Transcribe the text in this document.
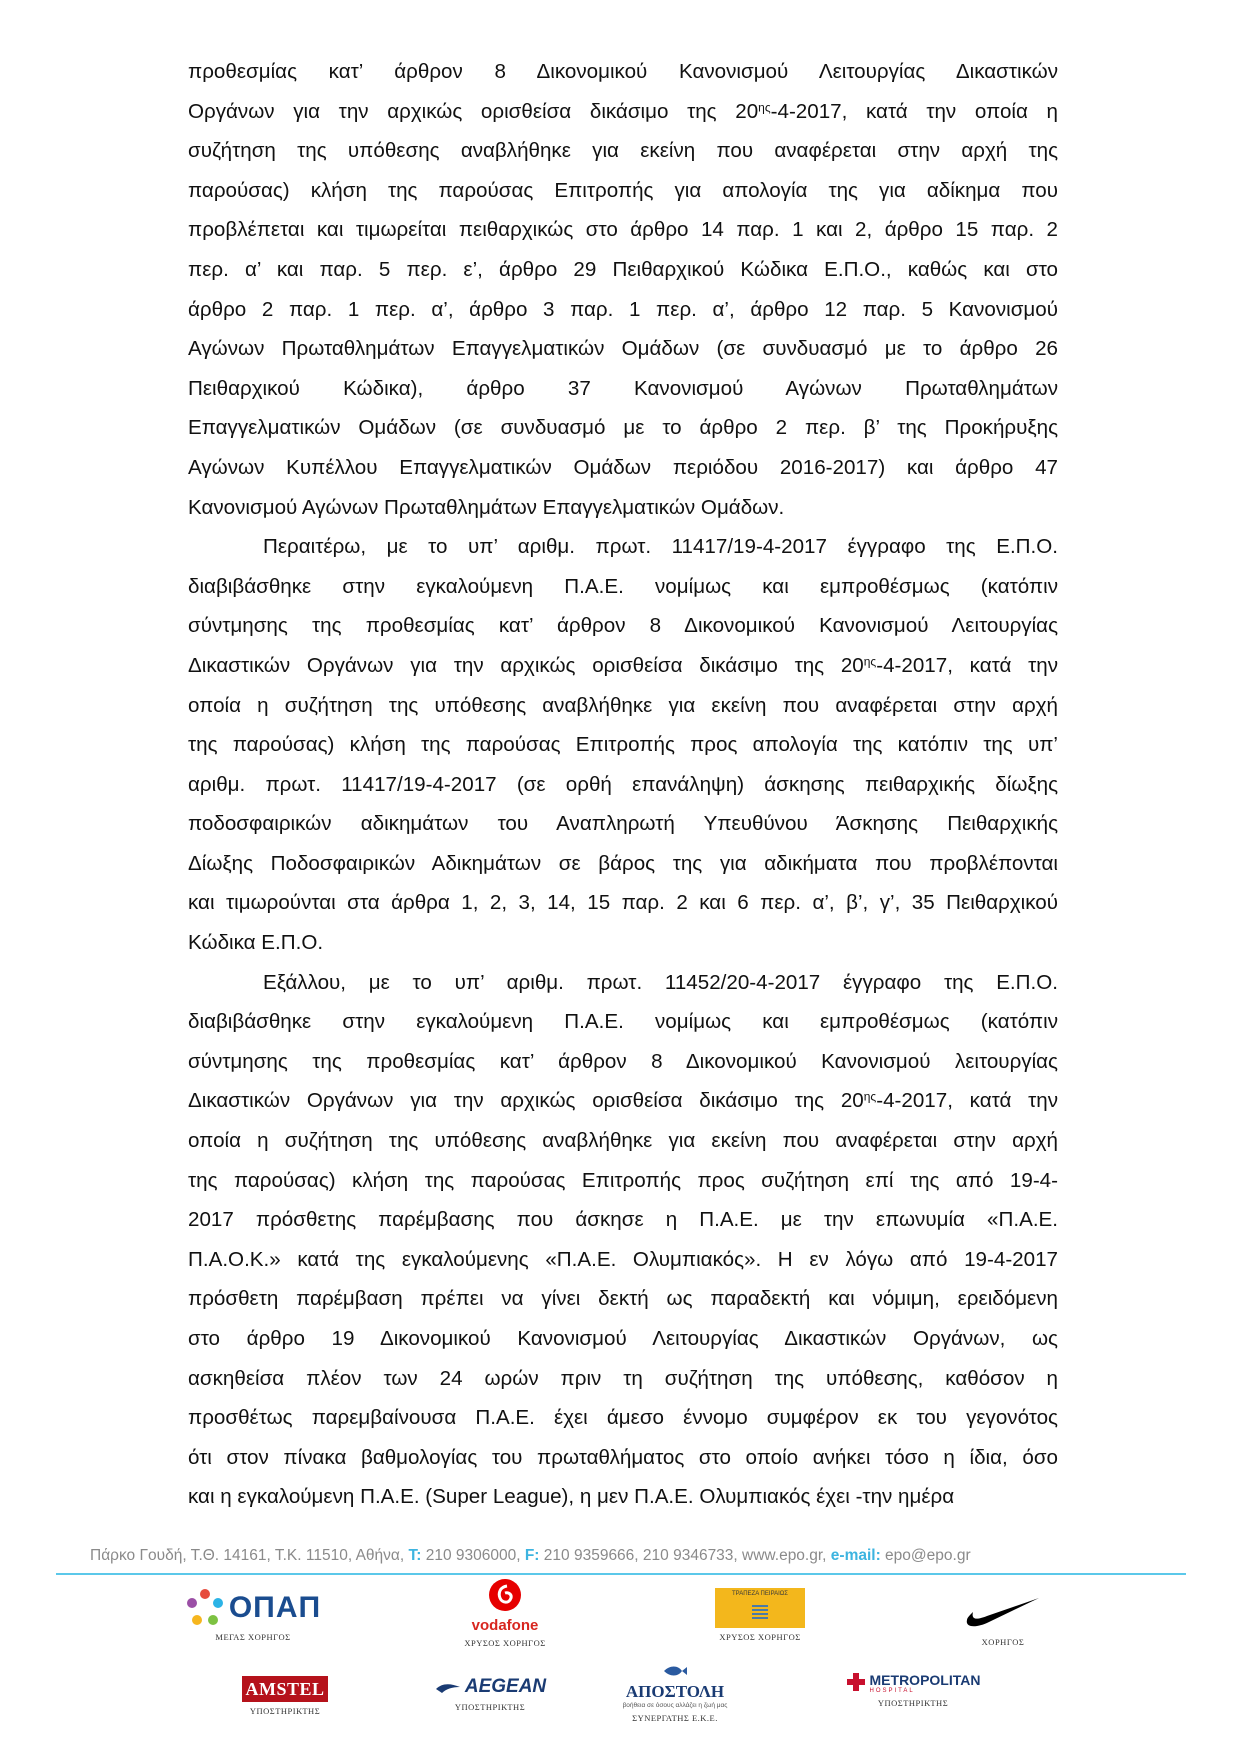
προθεσμίας κατ’ άρθρον 8 Δικονομικού Κανονισμού Λειτουργίας Δικαστικών

Οργάνων για την αρχικώς ορισθείσα δικάσιμο της $20^{\eta\varsigma}-4-2017$, κατά την οποία η

συζήτηση της υπόθεσης αναβλήθηκε για εκείνη που αναφέρεται στην αρχή της

παρούσας) κλήση της παρούσας Επιτροπής για απολογία της για αδίκημα που

προβλέπεται και τιμωρείται πειθαρχικώς στο άρθρο 14 παρ. 1 και 2, άρθρο 15 παρ. 2

περ. α’ και παρ. 5 περ. ε’, άρθρο 29 Πειθαρχικού Κώδικα Ε.Π.Ο., καθώς και στο

άρθρο 2 παρ. 1 περ. α’, άρθρο 3 παρ. 1 περ. α’, άρθρο 12 παρ. 5 Κανονισμού

Αγώνων Πρωταθλημάτων Επαγγελματικών Ομάδων (σε συνδυασμό με το άρθρο 26

Πειθαρχικού Κώδικα), άρθρο 37 Κανονισμού Αγώνων Πρωταθλημάτων

Επαγγελματικών Ομάδων (σε συνδυασμό με το άρθρο 2 περ. β’ της Προκήρυξης

Αγώνων Κυπέλλου Επαγγελματικών Ομάδων περιόδου 2016-2017) και άρθρο 47

Κανονισμού Αγώνων Πρωταθλημάτων Επαγγελματικών Ομάδων.

Περαιτέρω, με το υπ’ αριθμ. πρωτ. 11417/19-4-2017 έγγραφο της Ε.Π.Ο.

διαβιβάσθηκε στην εγκαλούμενη Π.Α.Ε. νομίμως και εμπροθέσμως (κατόπιν

σύντμησης της προθεσμίας κατ’ άρθρον 8 Δικονομικού Κανονισμού Λειτουργίας

Δικαστικών Οργάνων για την αρχικώς ορισθείσα δικάσιμο της $20^{\eta\varsigma}-4-2017$, κατά την

οποία η συζήτηση της υπόθεσης αναβλήθηκε για εκείνη που αναφέρεται στην αρχή

της παρούσας) κλήση της παρούσας Επιτροπής προς απολογία της κατόπιν της υπ’

αριθμ. πρωτ. 11417/19-4-2017 (σε ορθή επανάληψη) άσκησης πειθαρχικής δίωξης

ποδοσφαιρικών αδικημάτων του Αναπληρωτή Υπευθύνου Άσκησης Πειθαρχικής

Δίωξης Ποδοσφαιρικών Αδικημάτων σε βάρος της για αδικήματα που προβλέπονται

και τιμωρούνται στα άρθρα 1, 2, 3, 14, 15 παρ. 2 και 6 περ. α’, β’, γ’, 35 Πειθαρχικού

Κώδικα Ε.Π.Ο.

Εξάλλου, με το υπ’ αριθμ. πρωτ. 11452/20-4-2017 έγγραφο της Ε.Π.Ο.

διαβιβάσθηκε στην εγκαλούμενη Π.Α.Ε. νομίμως και εμπροθέσμως (κατόπιν

σύντμησης της προθεσμίας κατ’ άρθρον 8 Δικονομικού Κανονισμού λειτουργίας

Δικαστικών Οργάνων για την αρχικώς ορισθείσα δικάσιμο της $20^{\eta\varsigma}-4-2017$, κατά την

οποία η συζήτηση της υπόθεσης αναβλήθηκε για εκείνη που αναφέρεται στην αρχή

της παρούσας) κλήση της παρούσας Επιτροπής προς συζήτηση επί της από 19-4-

2017 πρόσθετης παρέμβασης που άσκησε η Π.Α.Ε. με την επωνυμία «Π.Α.Ε.

Π.Α.Ο.Κ.» κατά της εγκαλούμενης «Π.Α.Ε. Ολυμπιακός». Η εν λόγω από 19-4-2017

πρόσθετη παρέμβαση πρέπει να γίνει δεκτή ως παραδεκτή και νόμιμη, ερειδόμενη

στο άρθρο 19 Δικονομικού Κανονισμού Λειτουργίας Δικαστικών Οργάνων, ως

ασκηθείσα πλέον των 24 ωρών πριν τη συζήτηση της υπόθεσης, καθόσον η

προσθέτως παρεμβαίνουσα Π.Α.Ε. έχει άμεσο έννομο συμφέρον εκ του γεγονότος

ότι στον πίνακα βαθμολογίας του πρωταθλήματος στο οποίο ανήκει τόσο η ίδια, όσο

και η εγκαλούμενη Π.Α.Ε. (Super League), η μεν Π.Α.Ε. Ολυμπιακός έχει -την ημέρα

Πάρκο Γουδή, Τ.Θ. 14161, Τ.Κ. 11510, Αθήνα, T: 210 9306000, F: 210 9359666, 210 9346733, www.epo.gr, e-mail: epo@epo.gr
ΟΠΑΠ
ΜΕΓΑΣ ΧΟΡΗΓΟΣ
vodafone
ΧΡΥΣΟΣ ΧΟΡΗΓΟΣ
ΤΡΑΠΕΖΑ ΠΕΙΡΑΙΩΣ
ΧΡΥΣΟΣ ΧΟΡΗΓΟΣ	ΧΟΡΗΓΟΣ
AMSTEL
ΥΠΟΣΤΗΡΙΚΤΗΣ
AEGEAN
ΥΠΟΣΤΗΡΙΚΤΗΣ
ΑΠΟΣΤΟΛΗ
βοήθεια σε όσους αλλάζει η ζωή μας
ΣΥΝΕΡΓΑΤΗΣ Ε.Κ.Ε.
METROPOLITAN
HOSPITAL
ΥΠΟΣΤΗΡΙΚΤΗΣ
